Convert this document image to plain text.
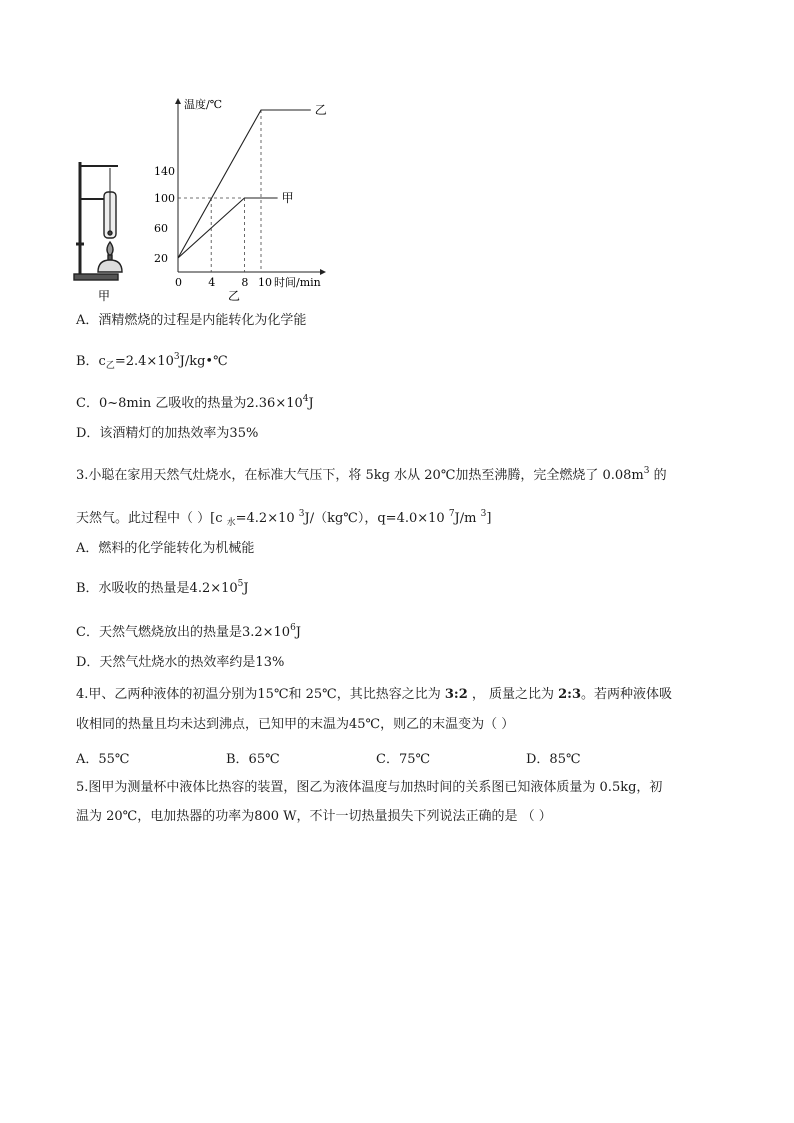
甲
温度/℃
时间/min
乙
0 4 8 10
20
60
100
140
乙
甲
A．酒精燃烧的过程是内能转化为化学能
B．$c_乙=2.4\times 10^3J/kg•℃$
C．0~8min 乙吸收的热量为$2.36\times 10^4J$
D．该酒精灯的加热效率为35%
3.小聪在家用天然气灶烧水，在标准大气压下，将 5kg 水从 20℃加热至沸腾，完全燃烧了 $0.08m^3$ 的
天然气。此过程中（ ）[c $_水$=4.2×10 $^3$J/（kg℃），q=4.0×10 $^7$J/m $^3$]
A．燃料的化学能转化为机械能
B．水吸收的热量是$4.2\times 10^5J$
C．天然气燃烧放出的热量是$3.2\times 10^6J$
D．天然气灶烧水的热效率约是13%
4.甲、乙两种液体的初温分别为15℃和 25℃，其比热容之比为 3:2 ， 质量之比为 2:3。若两种液体吸
收相同的热量且均未达到沸点，已知甲的末温为45℃，则乙的末温变为（ ）
A．55℃	B．65℃	C．75℃	D．85℃
5.图甲为测量杯中液体比热容的装置，图乙为液体温度与加热时间的关系图已知液体质量为 0.5kg，初
温为 20℃，电加热器的功率为800 W，不计一切热量损失下列说法正确的是 （ ）
